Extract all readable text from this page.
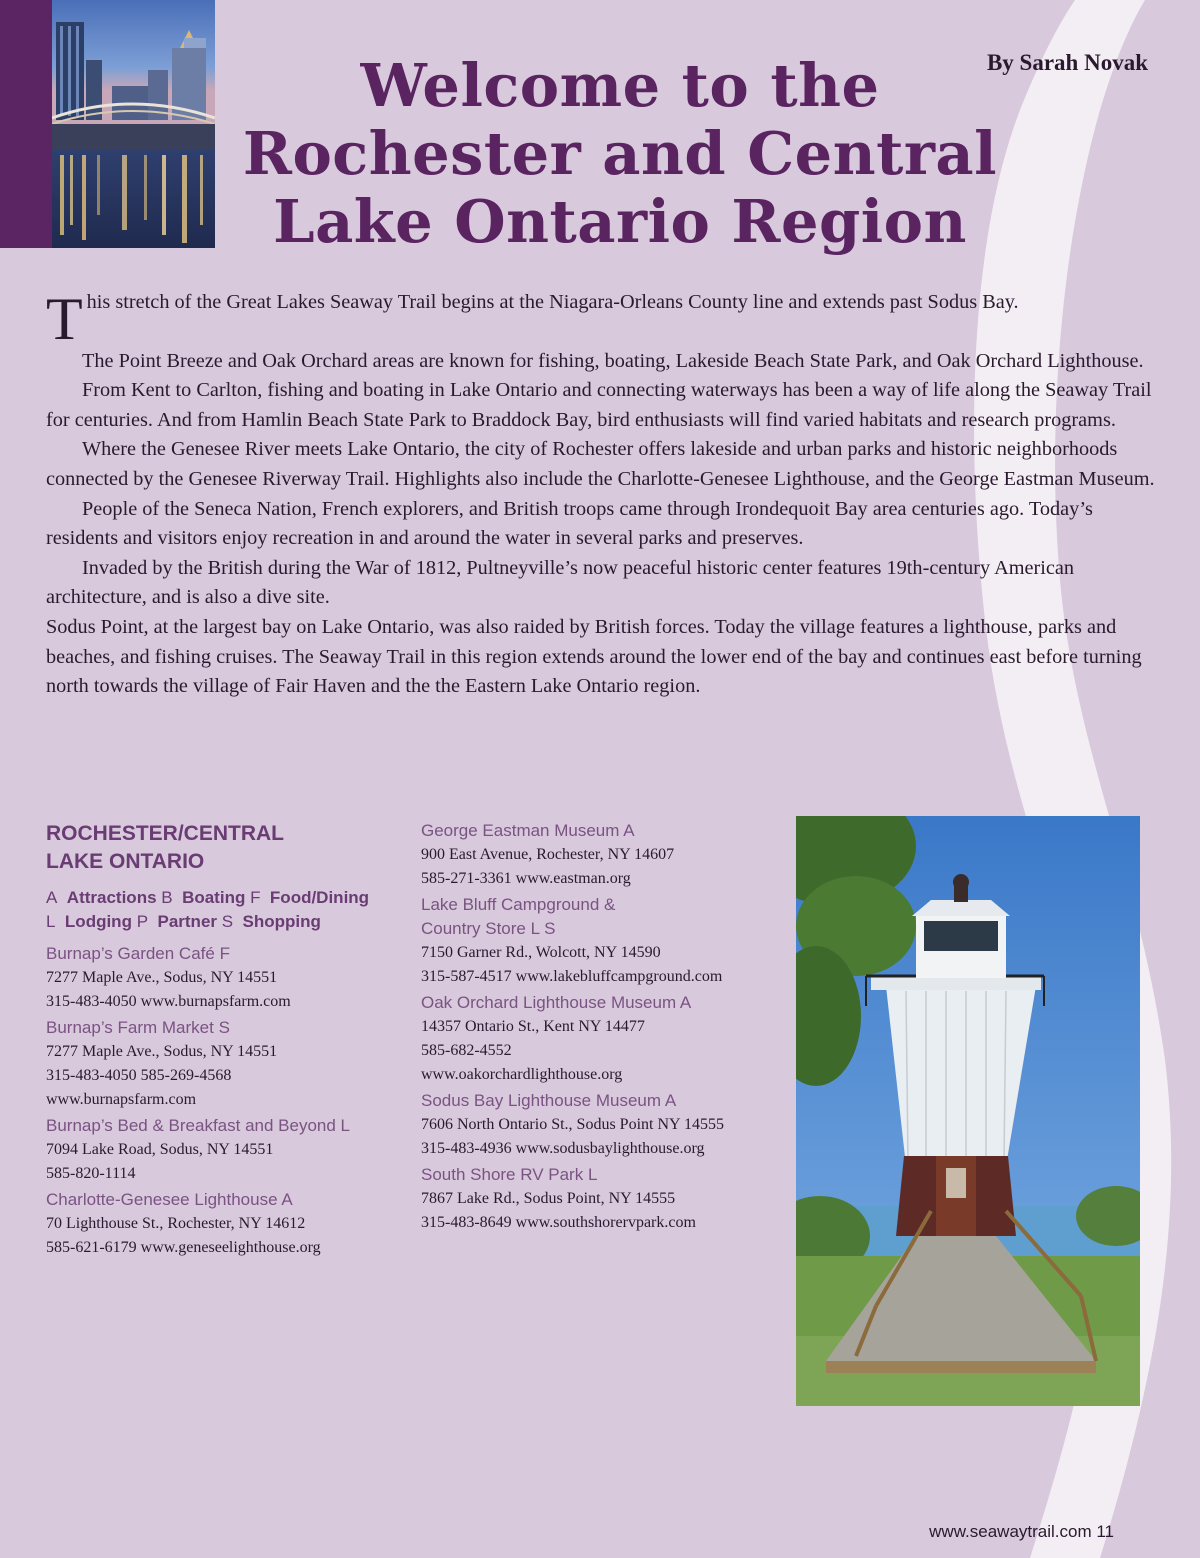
By Sarah Novak
Welcome to the
Rochester and Central
Lake Ontario Region

This stretch of the Great Lakes Seaway Trail begins at the Niagara-Orleans County line and extends past Sodus Bay.

The Point Breeze and Oak Orchard areas are known for fishing, boating, Lakeside Beach State Park, and Oak Orchard Lighthouse.

From Kent to Carlton, fishing and boating in Lake Ontario and connecting waterways has been a way of life along the Seaway Trail for centuries. And from Hamlin Beach State Park to Braddock Bay, bird enthusiasts will find varied habitats and research programs.

Where the Genesee River meets Lake Ontario, the city of Rochester offers lakeside and urban parks and historic neighborhoods connected by the Genesee Riverway Trail. Highlights also include the Charlotte-Genesee Lighthouse, and the George Eastman Museum.

People of the Seneca Nation, French explorers, and British troops came through Irondequoit Bay area centuries ago. Today’s residents and visitors enjoy recreation in and around the water in several parks and preserves.

Invaded by the British during the War of 1812, Pultneyville’s now peaceful historic center features 19th-century American architecture, and is also a dive site.

Sodus Point, at the largest bay on Lake Ontario, was also raided by British forces. Today the village features a lighthouse, parks and beaches, and fishing cruises. The Seaway Trail in this region extends around the lower end of the bay and continues east before turning north towards the village of Fair Haven and the the Eastern Lake Ontario region.

ROCHESTER/CENTRAL
LAKE ONTARIO

A Attractions B Boating F Food/Dining
L Lodging P Partner S Shopping

Burnap’s Garden Café F

7277 Maple Ave., Sodus, NY 14551

315-483-4050 www.burnapsfarm.com

Burnap’s Farm Market S

7277 Maple Ave., Sodus, NY 14551

315-483-4050 585-269-4568

www.burnapsfarm.com

Burnap’s Bed & Breakfast and Beyond L

7094 Lake Road, Sodus, NY 14551

585-820-1114

Charlotte-Genesee Lighthouse A

70 Lighthouse St., Rochester, NY 14612

585-621-6179 www.geneseelighthouse.org

George Eastman Museum A

900 East Avenue, Rochester, NY 14607

585-271-3361 www.eastman.org

Lake Bluff Campground & Country Store L S

7150 Garner Rd., Wolcott, NY 14590

315-587-4517 www.lakebluffcampground.com

Oak Orchard Lighthouse Museum A

14357 Ontario St., Kent NY 14477

585-682-4552

www.oakorchardlighthouse.org

Sodus Bay Lighthouse Museum A

7606 North Ontario St., Sodus Point NY 14555

315-483-4936 www.sodusbaylighthouse.org

South Shore RV Park L

7867 Lake Rd., Sodus Point, NY 14555

315-483-8649 www.southshorervpark.com

www.seawaytrail.com 11
